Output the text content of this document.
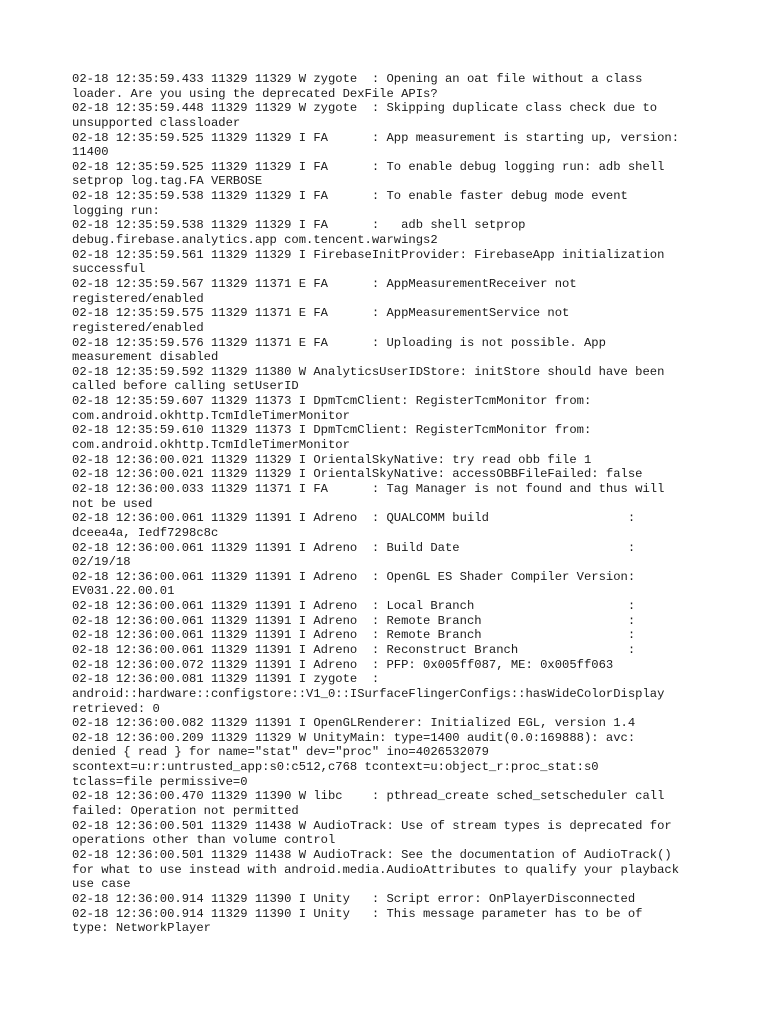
02-18 12:35:59.433 11329 11329 W zygote  : Opening an oat file without a class
loader. Are you using the deprecated DexFile APIs?
02-18 12:35:59.448 11329 11329 W zygote  : Skipping duplicate class check due to
unsupported classloader
02-18 12:35:59.525 11329 11329 I FA      : App measurement is starting up, version:
11400
02-18 12:35:59.525 11329 11329 I FA      : To enable debug logging run: adb shell
setprop log.tag.FA VERBOSE
02-18 12:35:59.538 11329 11329 I FA      : To enable faster debug mode event
logging run:
02-18 12:35:59.538 11329 11329 I FA      :   adb shell setprop
debug.firebase.analytics.app com.tencent.warwings2
02-18 12:35:59.561 11329 11329 I FirebaseInitProvider: FirebaseApp initialization
successful
02-18 12:35:59.567 11329 11371 E FA      : AppMeasurementReceiver not
registered/enabled
02-18 12:35:59.575 11329 11371 E FA      : AppMeasurementService not
registered/enabled
02-18 12:35:59.576 11329 11371 E FA      : Uploading is not possible. App
measurement disabled
02-18 12:35:59.592 11329 11380 W AnalyticsUserIDStore: initStore should have been
called before calling setUserID
02-18 12:35:59.607 11329 11373 I DpmTcmClient: RegisterTcmMonitor from:
com.android.okhttp.TcmIdleTimerMonitor
02-18 12:35:59.610 11329 11373 I DpmTcmClient: RegisterTcmMonitor from:
com.android.okhttp.TcmIdleTimerMonitor
02-18 12:36:00.021 11329 11329 I OrientalSkyNative: try read obb file 1
02-18 12:36:00.021 11329 11329 I OrientalSkyNative: accessOBBFileFailed: false
02-18 12:36:00.033 11329 11371 I FA      : Tag Manager is not found and thus will
not be used
02-18 12:36:00.061 11329 11391 I Adreno  : QUALCOMM build                   :
dceea4a, Iedf7298c8c
02-18 12:36:00.061 11329 11391 I Adreno  : Build Date                       :
02/19/18
02-18 12:36:00.061 11329 11391 I Adreno  : OpenGL ES Shader Compiler Version:
EV031.22.00.01
02-18 12:36:00.061 11329 11391 I Adreno  : Local Branch                     :
02-18 12:36:00.061 11329 11391 I Adreno  : Remote Branch                    :
02-18 12:36:00.061 11329 11391 I Adreno  : Remote Branch                    :
02-18 12:36:00.061 11329 11391 I Adreno  : Reconstruct Branch               :
02-18 12:36:00.072 11329 11391 I Adreno  : PFP: 0x005ff087, ME: 0x005ff063
02-18 12:36:00.081 11329 11391 I zygote  :
android::hardware::configstore::V1_0::ISurfaceFlingerConfigs::hasWideColorDisplay
retrieved: 0
02-18 12:36:00.082 11329 11391 I OpenGLRenderer: Initialized EGL, version 1.4
02-18 12:36:00.209 11329 11329 W UnityMain: type=1400 audit(0.0:169888): avc:
denied { read } for name="stat" dev="proc" ino=4026532079
scontext=u:r:untrusted_app:s0:c512,c768 tcontext=u:object_r:proc_stat:s0
tclass=file permissive=0
02-18 12:36:00.470 11329 11390 W libc    : pthread_create sched_setscheduler call
failed: Operation not permitted
02-18 12:36:00.501 11329 11438 W AudioTrack: Use of stream types is deprecated for
operations other than volume control
02-18 12:36:00.501 11329 11438 W AudioTrack: See the documentation of AudioTrack()
for what to use instead with android.media.AudioAttributes to qualify your playback
use case
02-18 12:36:00.914 11329 11390 I Unity   : Script error: OnPlayerDisconnected
02-18 12:36:00.914 11329 11390 I Unity   : This message parameter has to be of
type: NetworkPlayer
